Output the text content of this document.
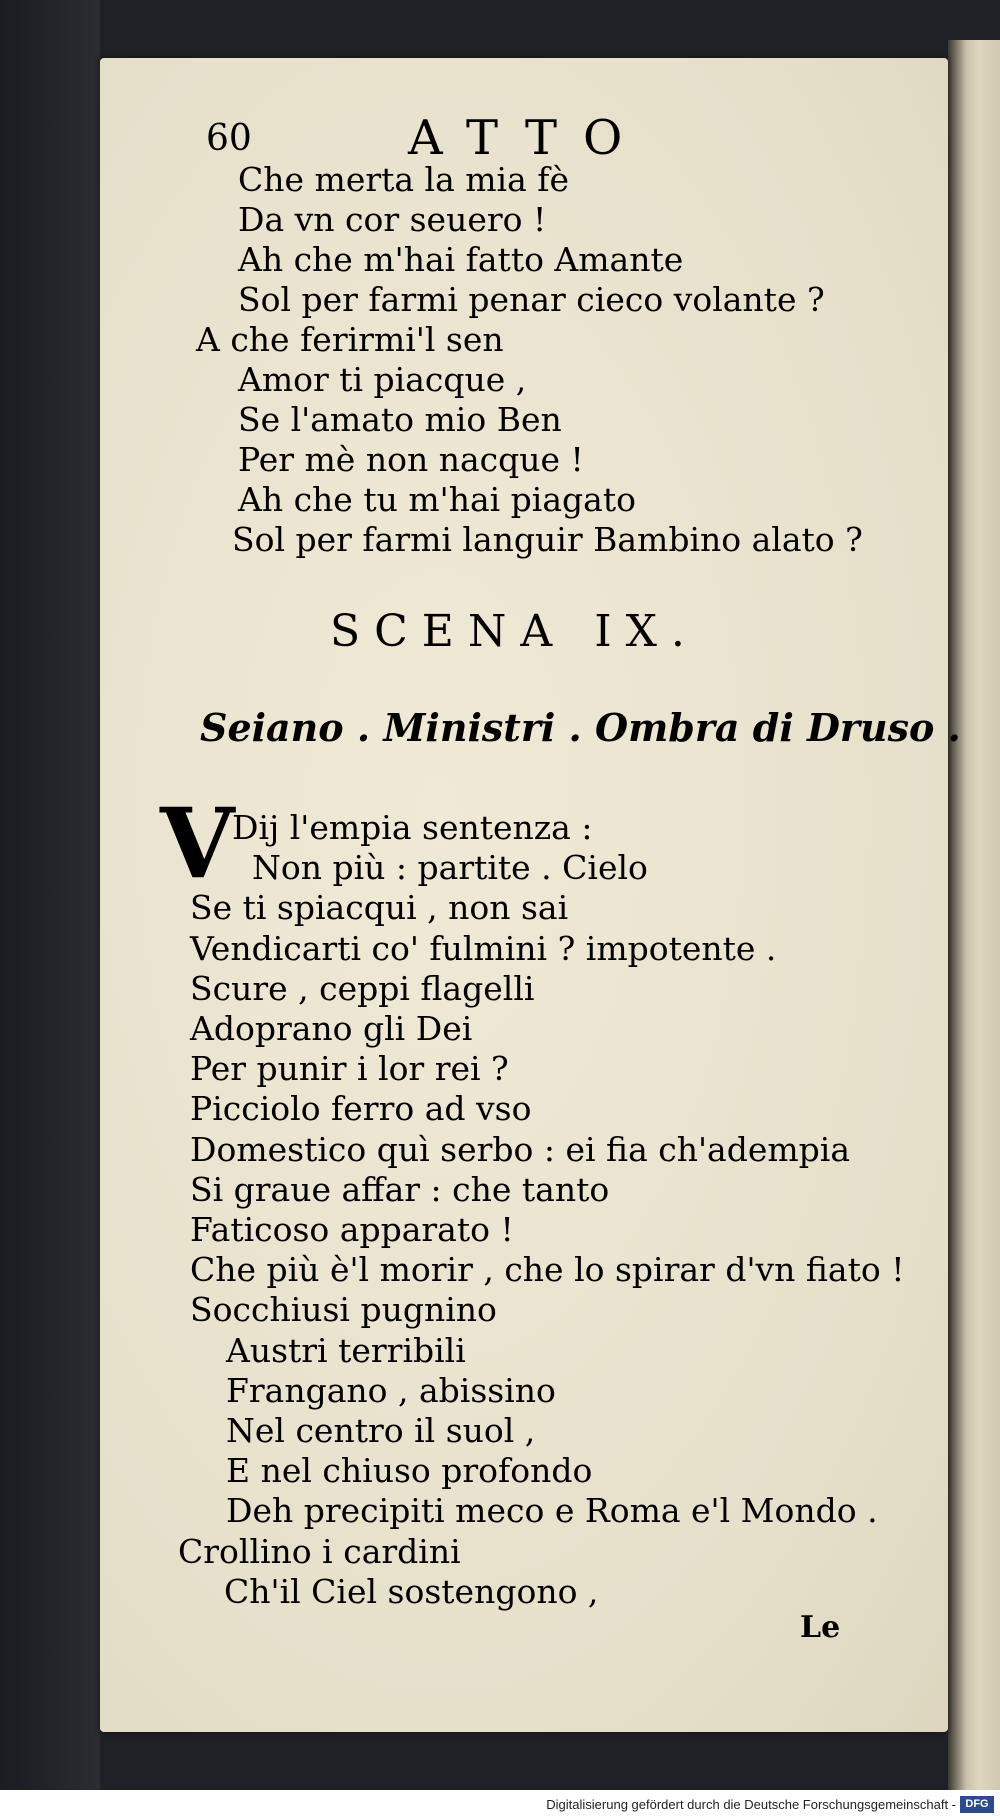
60	ATTO
Che merta la mia fè
Da vn cor seuero !
Ah che m'hai fatto Amante
Sol per farmi penar cieco volante ?
A che ferirmi'l sen
Amor ti piacque ,
Se l'amato mio Ben
Per mè non nacque !
Ah che tu m'hai piagato
Sol per farmi languir Bambino alato ?
SCENA IX.
Seiano . Ministri . Ombra di Druso .
V
Dij l'empia sentenza :
Non più : partite . Cielo
Se ti spiacqui , non sai
Vendicarti co' fulmini ? impotente .
Scure , ceppi flagelli
Adoprano gli Dei
Per punir i lor rei ?
Picciolo ferro ad vso
Domestico quì serbo : ei fia ch'adempia
Si graue affar : che tanto
Faticoso apparato !
Che più è'l morir , che lo spirar d'vn fiato !
Socchiusi pugnino
Austri terribili
Frangano , abissino
Nel centro il suol ,
E nel chiuso profondo
Deh precipiti meco e Roma e'l Mondo .
Crollino i cardini
Ch'il Ciel sostengono ,
Le
Digitalisierung gefördert durch die Deutsche Forschungsgemeinschaft - DFG
